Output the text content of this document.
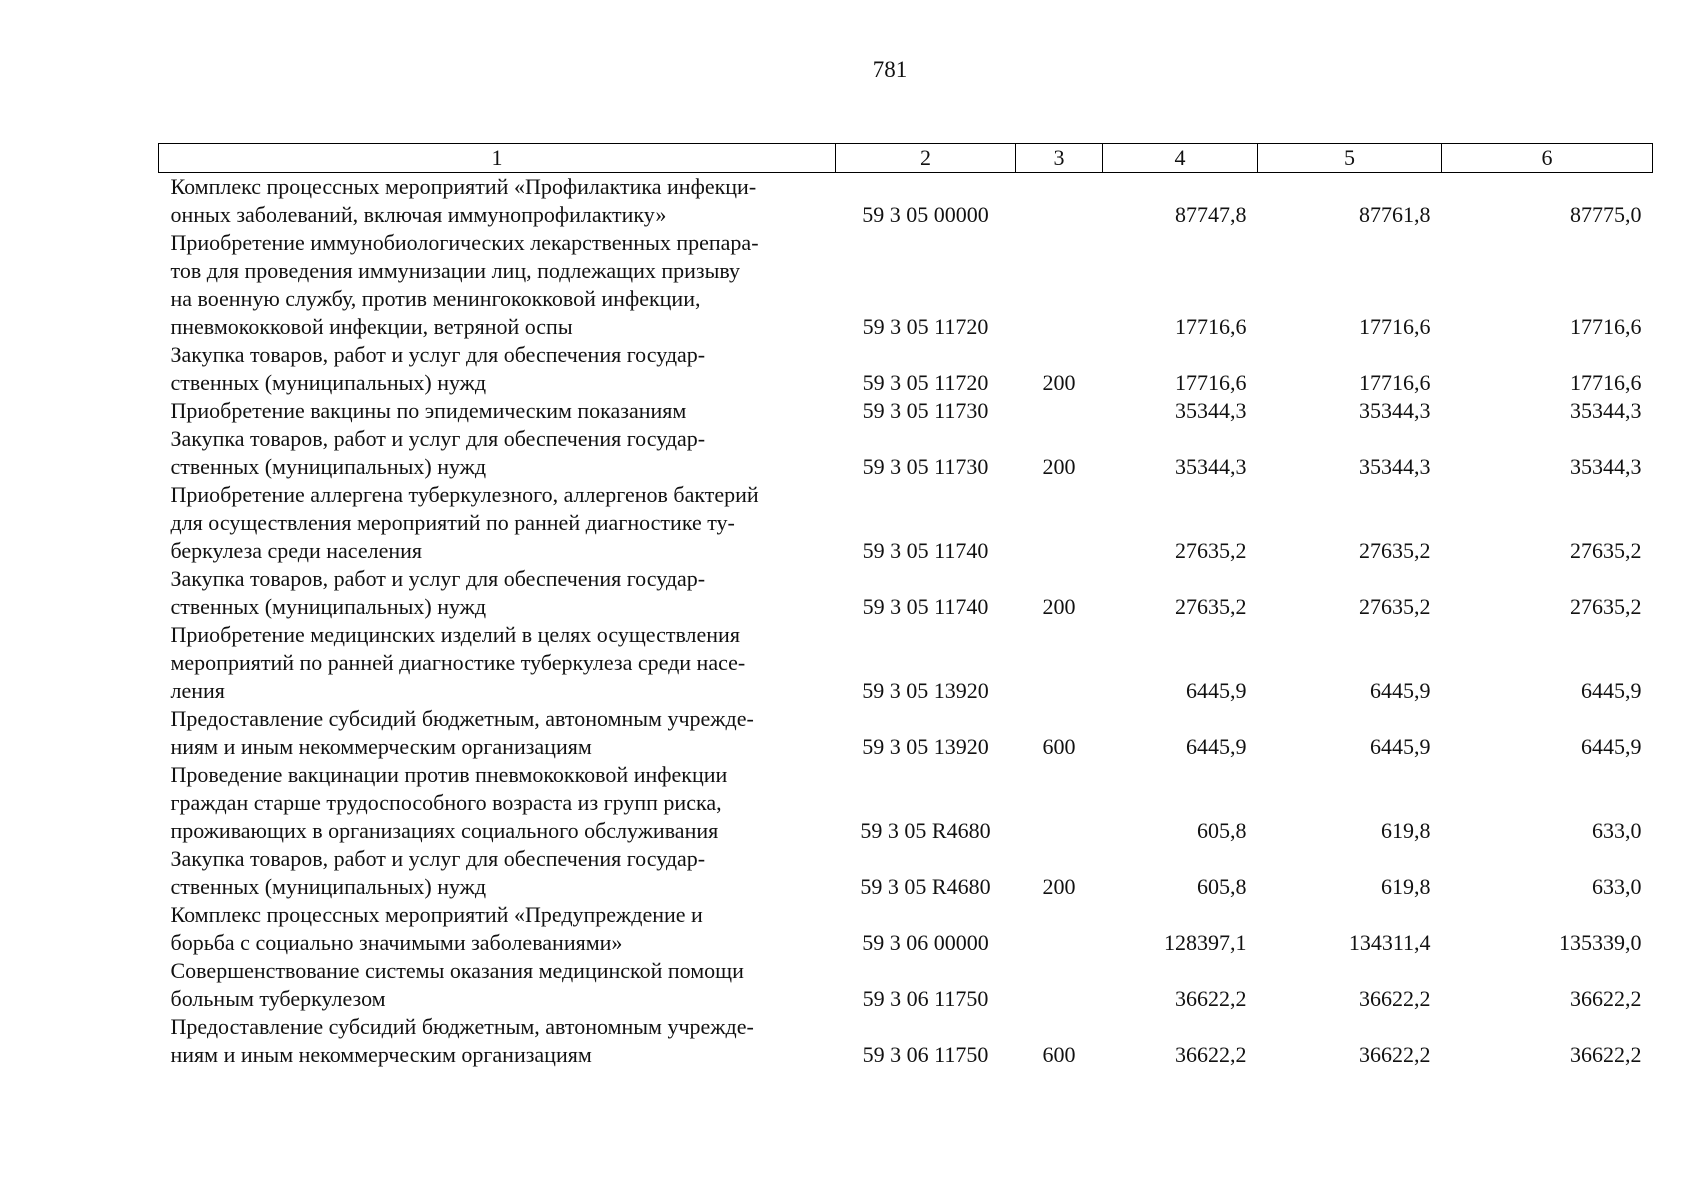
781
1	2	3	4	5	6
Комплекс процессных мероприятий «Профилактика инфекци-
онных заболеваний, включая иммунопрофилактику»	59 3 05 00000		87747,8	87761,8	87775,0
Приобретение иммунобиологических лекарственных препара-
тов для проведения иммунизации лиц, подлежащих призыву
на военную службу, против менингококковой инфекции,
пневмококковой инфекции, ветряной оспы	59 3 05 11720		17716,6	17716,6	17716,6
Закупка товаров, работ и услуг для обеспечения государ-
ственных (муниципальных) нужд	59 3 05 11720	200	17716,6	17716,6	17716,6
Приобретение вакцины по эпидемическим показаниям	59 3 05 11730		35344,3	35344,3	35344,3
Закупка товаров, работ и услуг для обеспечения государ-
ственных (муниципальных) нужд	59 3 05 11730	200	35344,3	35344,3	35344,3
Приобретение аллергена туберкулезного, аллергенов бактерий
для осуществления мероприятий по ранней диагностике ту-
беркулеза среди населения	59 3 05 11740		27635,2	27635,2	27635,2
Закупка товаров, работ и услуг для обеспечения государ-
ственных (муниципальных) нужд	59 3 05 11740	200	27635,2	27635,2	27635,2
Приобретение медицинских изделий в целях осуществления
мероприятий по ранней диагностике туберкулеза среди насе-
ления	59 3 05 13920		6445,9	6445,9	6445,9
Предоставление субсидий бюджетным, автономным учрежде-
ниям и иным некоммерческим организациям	59 3 05 13920	600	6445,9	6445,9	6445,9
Проведение вакцинации против пневмококковой инфекции
граждан старше трудоспособного возраста из групп риска,
проживающих в организациях социального обслуживания	59 3 05 R4680		605,8	619,8	633,0
Закупка товаров, работ и услуг для обеспечения государ-
ственных (муниципальных) нужд	59 3 05 R4680	200	605,8	619,8	633,0
Комплекс процессных мероприятий «Предупреждение и
борьба с социально значимыми заболеваниями»	59 3 06 00000		128397,1	134311,4	135339,0
Совершенствование системы оказания медицинской помощи
больным туберкулезом	59 3 06 11750		36622,2	36622,2	36622,2
Предоставление субсидий бюджетным, автономным учрежде-
ниям и иным некоммерческим организациям	59 3 06 11750	600	36622,2	36622,2	36622,2
